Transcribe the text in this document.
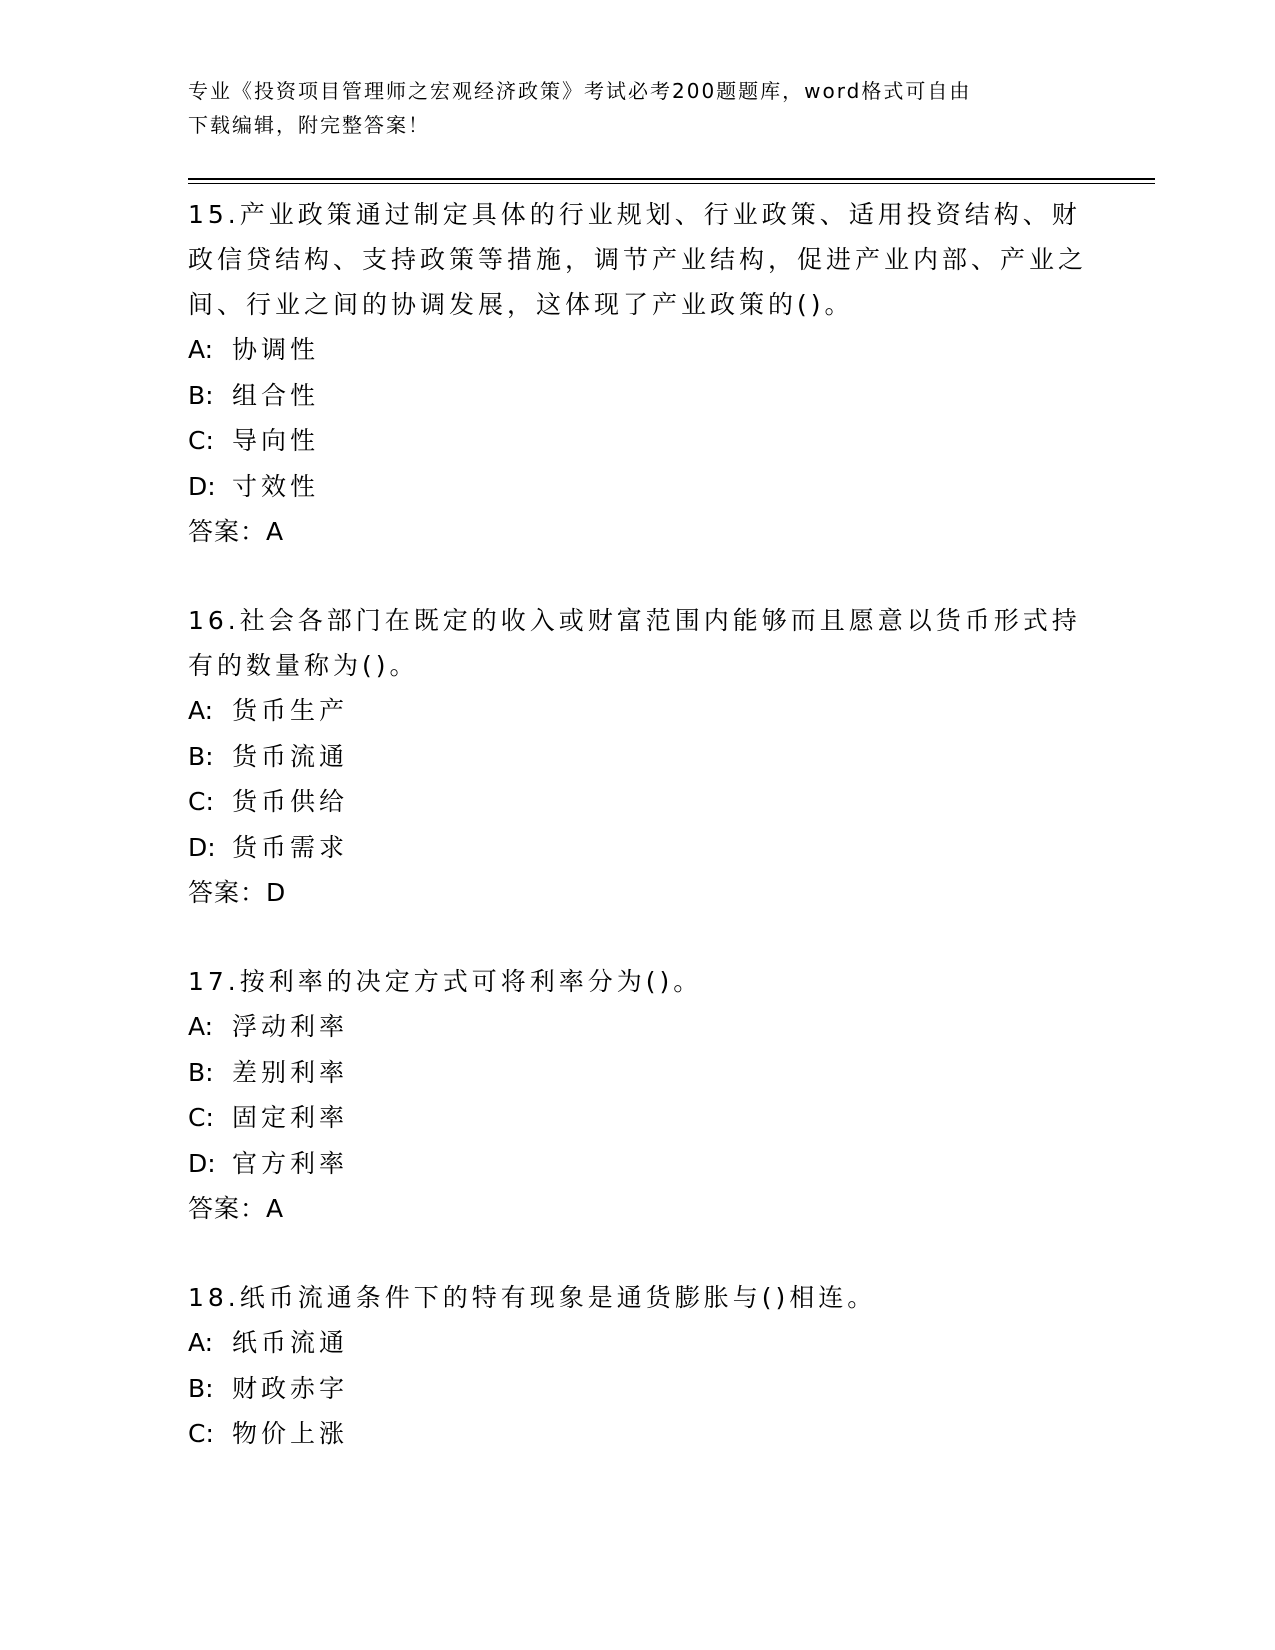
专业《投资项目管理师之宏观经济政策》考试必考200题题库，word格式可自由
下载编辑，附完整答案！
15.产业政策通过制定具体的行业规划、行业政策、适用投资结构、财政信贷结构、支持政策等措施，调节产业结构，促进产业内部、产业之间、行业之间的协调发展，这体现了产业政策的()。
A: 协调性
B: 组合性
C: 导向性
D: 寸效性
答案：A
16.社会各部门在既定的收入或财富范围内能够而且愿意以货币形式持有的数量称为()。
A: 货币生产
B: 货币流通
C: 货币供给
D: 货币需求
答案：D
17.按利率的决定方式可将利率分为()。
A: 浮动利率
B: 差别利率
C: 固定利率
D: 官方利率
答案：A
18.纸币流通条件下的特有现象是通货膨胀与()相连。
A: 纸币流通
B: 财政赤字
C: 物价上涨
